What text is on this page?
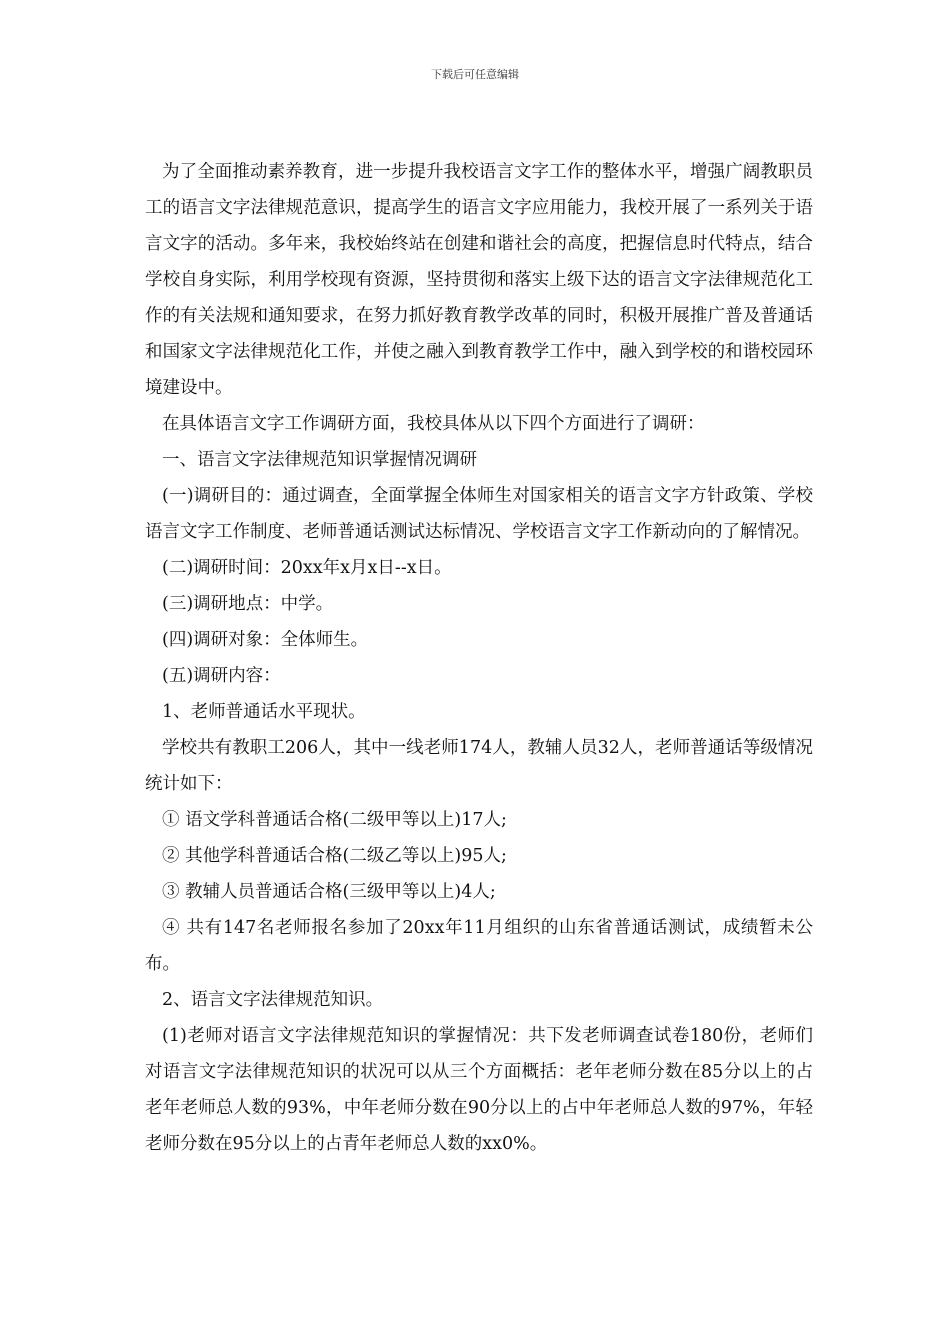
下载后可任意编辑

为了全面推动素养教育，进一步提升我校语言文字工作的整体水平，增强广阔教职员工的语言文字法律规范意识，提高学生的语言文字应用能力，我校开展了一系列关于语言文字的活动。多年来，我校始终站在创建和谐社会的高度，把握信息时代特点，结合学校自身实际，利用学校现有资源，坚持贯彻和落实上级下达的语言文字法律规范化工作的有关法规和通知要求，在努力抓好教育教学改革的同时，积极开展推广普及普通话和国家文字法律规范化工作，并使之融入到教育教学工作中，融入到学校的和谐校园环境建设中。

在具体语言文字工作调研方面，我校具体从以下四个方面进行了调研：

一、语言文字法律规范知识掌握情况调研

(一)调研目的：通过调查，全面掌握全体师生对国家相关的语言文字方针政策、学校语言文字工作制度、老师普通话测试达标情况、学校语言文字工作新动向的了解情况。

(二)调研时间：20xx年x月x日--x日。

(三)调研地点：中学。

(四)调研对象：全体师生。

(五)调研内容：

1、老师普通话水平现状。

学校共有教职工206人，其中一线老师174人，教辅人员32人，老师普通话等级情况统计如下：

① 语文学科普通话合格(二级甲等以上)17人;

② 其他学科普通话合格(二级乙等以上)95人;

③ 教辅人员普通话合格(三级甲等以上)4人;

④ 共有147名老师报名参加了20xx年11月组织的山东省普通话测试，成绩暂未公布。

2、语言文字法律规范知识。

(1)老师对语言文字法律规范知识的掌握情况：共下发老师调查试卷180份，老师们对语言文字法律规范知识的状况可以从三个方面概括：老年老师分数在85分以上的占老年老师总人数的93%，中年老师分数在90分以上的占中年老师总人数的97%，年轻老师分数在95分以上的占青年老师总人数的xx0%。
